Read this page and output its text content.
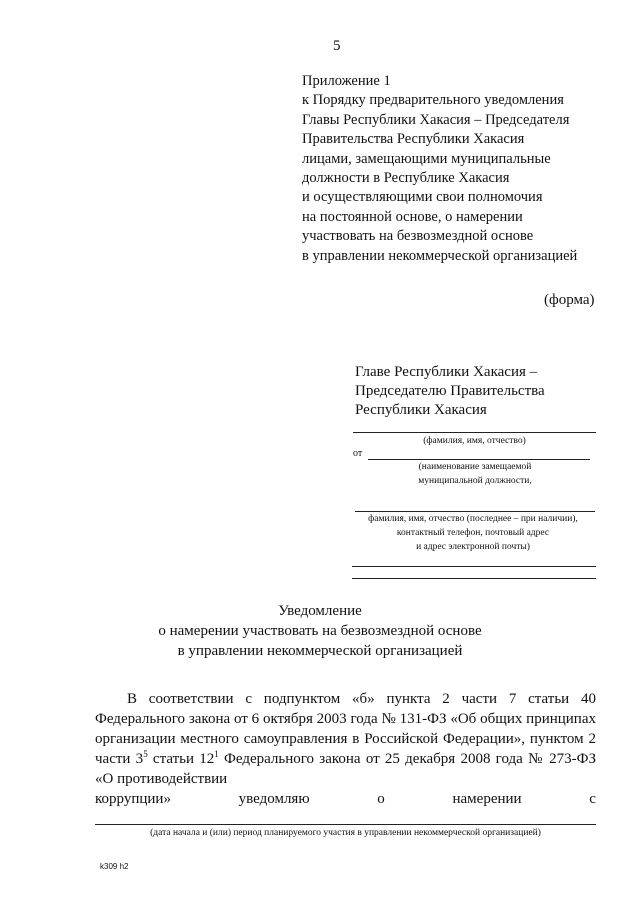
5
Приложение 1
к Порядку предварительного уведомления
Главы Республики Хакасия – Председателя
Правительства Республики Хакасия
лицами, замещающими муниципальные
должности в Республике Хакасия
и осуществляющими свои полномочия
на постоянной основе, о намерении
участвовать на безвозмездной основе
в управлении некоммерческой организацией
(форма)
Главе Республики Хакасия –
Председателю Правительства
Республики Хакасия
(фамилия, имя, отчество)
от
(наименование замещаемой
муниципальной должности,
фамилия, имя, отчество (последнее – при наличии),
контактный телефон, почтовый адрес
и адрес электронной почты)
Уведомление
о намерении участвовать на безвозмездной основе
в управлении некоммерческой организацией
В соответствии с подпунктом «б» пункта 2 части 7 статьи 40 Федерального закона от 6 октября 2003 года № 131-ФЗ «Об общих принципах организации местного самоуправления в Российской Федерации», пунктом 2 части $3^5$ статьи $12^1$ Федерального закона от 25 декабря 2008 года № 273-ФЗ «О противодействии
коррупции»	уведомляю	о	намерении	с
(дата начала и (или) период планируемого участия в управлении некоммерческой организацией)
k309 h2
